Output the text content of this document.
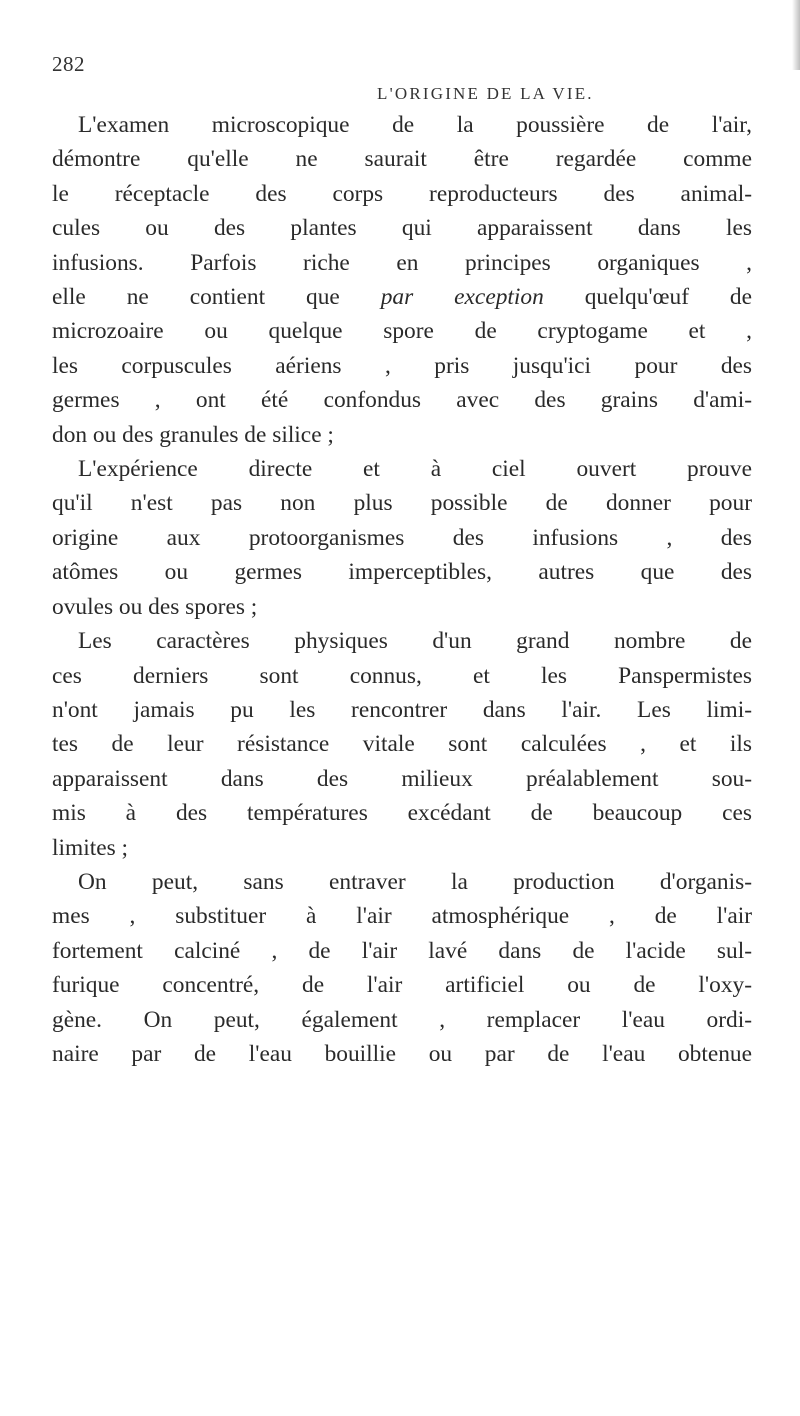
282
L'ORIGINE DE LA VIE.
L'examen microscopique de la poussière de l'air,
démontre qu'elle ne saurait être regardée comme
le réceptacle des corps reproducteurs des animal-
cules ou des plantes qui apparaissent dans les
infusions. Parfois riche en principes organiques ,
elle ne contient que par exception quelqu'œuf de
microzoaire ou quelque spore de cryptogame et ,
les corpuscules aériens , pris jusqu'ici pour des
germes , ont été confondus avec des grains d'ami-
don ou des granules de silice ;
L'expérience directe et à ciel ouvert prouve
qu'il n'est pas non plus possible de donner pour
origine aux protoorganismes des infusions , des
atômes ou germes imperceptibles, autres que des
ovules ou des spores ;
Les caractères physiques d'un grand nombre de
ces derniers sont connus, et les Panspermistes
n'ont jamais pu les rencontrer dans l'air. Les limi-
tes de leur résistance vitale sont calculées , et ils
apparaissent dans des milieux préalablement sou-
mis à des températures excédant de beaucoup ces
limites ;
On peut, sans entraver la production d'organis-
mes , substituer à l'air atmosphérique , de l'air
fortement calciné , de l'air lavé dans de l'acide sul-
furique concentré, de l'air artificiel ou de l'oxy-
gène. On peut, également , remplacer l'eau ordi-
naire par de l'eau bouillie ou par de l'eau obtenue
